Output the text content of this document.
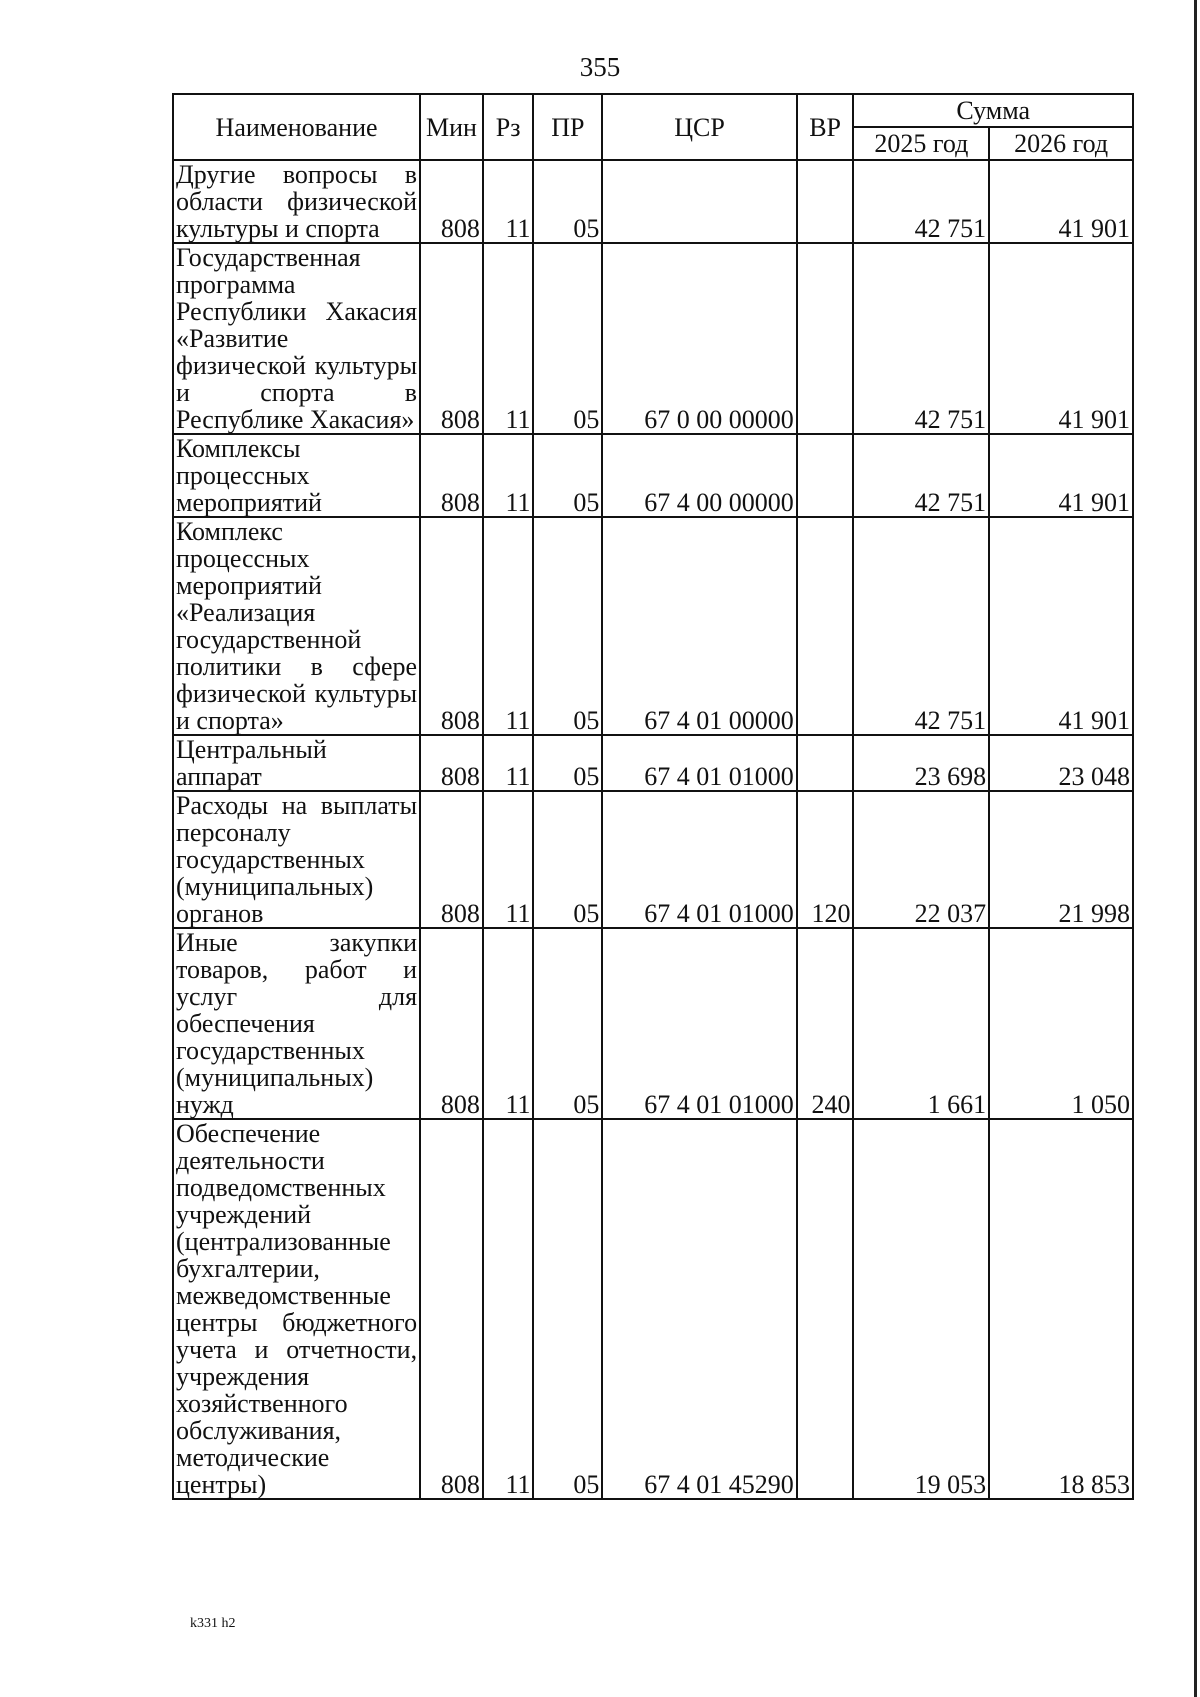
355
Наименование	Мин	Рз	ПР	ЦСР	ВР	Сумма	
						2025 год	2026 год
Другие вопросы в области физической культуры и спорта	808	11	05			42 751	41 901
Государственная программа Республики Хакасия «Развитие физической культуры и спорта в Республике Хакасия»	808	11	05	67 0 00 00000		42 751	41 901
Комплексы процессных мероприятий	808	11	05	67 4 00 00000		42 751	41 901
Комплекс процессных мероприятий «Реализация государственной политики в сфере физической культуры и спорта»	808	11	05	67 4 01 00000		42 751	41 901
Центральный аппарат	808	11	05	67 4 01 01000		23 698	23 048
Расходы на выплаты персоналу государственных (муниципальных) органов	808	11	05	67 4 01 01000	120	22 037	21 998
Иные закупки товаров, работ и услуг для обеспечения государственных (муниципальных) нужд	808	11	05	67 4 01 01000	240	1 661	1 050
Обеспечение деятельности подведомственных учреждений (централизованные бухгалтерии, межведомственные центры бюджетного учета и отчетности, учреждения хозяйственного обслуживания, методические центры)	808	11	05	67 4 01 45290		19 053	18 853
k331 h2
